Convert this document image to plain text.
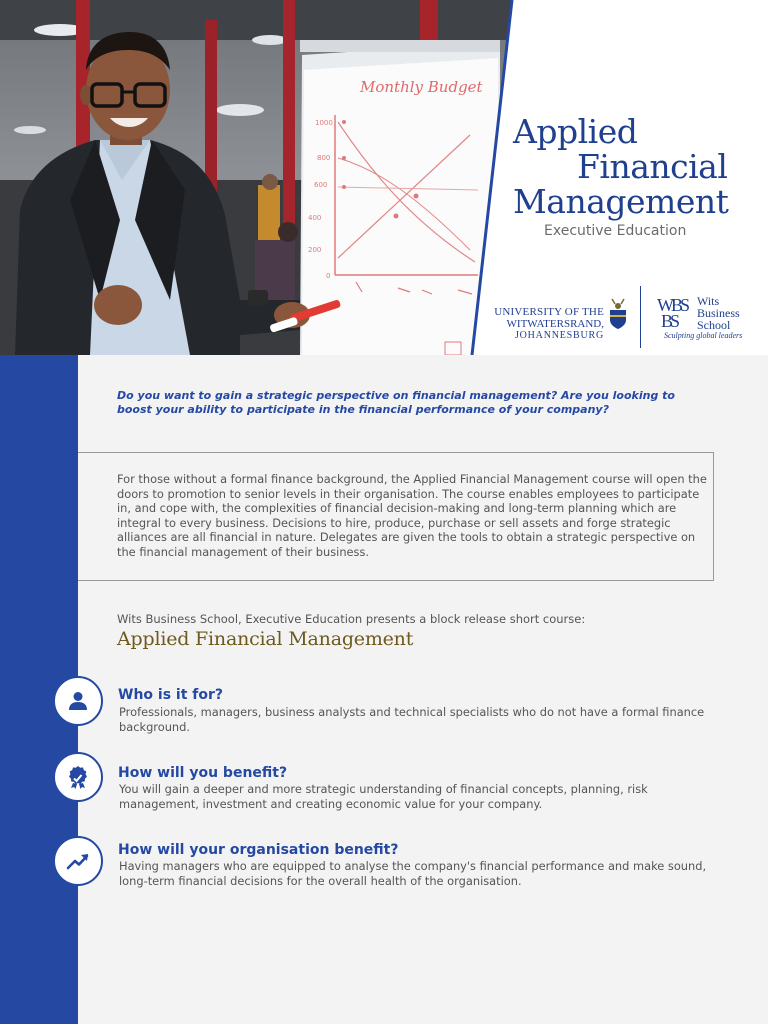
Monthly Budget
1000
800
600
400
200
0
Applied
Financial
Management
Executive Education
UNIVERSITY OF THE
WITWATERSRAND,
JOHANNESBURG
WBS
BS
Wits
Business
School
Sculpting global leaders
Do you want to gain a strategic perspective on financial management? Are you looking to boost your ability to participate in the financial performance of your company?
For those without a formal finance background, the Applied Financial Management course will open the doors to promotion to senior levels in their organisation. The course enables employees to participate in, and cope with, the complexities of financial decision-making and long-term planning which are integral to every business. Decisions to hire, produce, purchase or sell assets and forge strategic alliances are all financial in nature. Delegates are given the tools to obtain a strategic perspective on the financial management of their business.
Wits Business School, Executive Education presents a block release short course:
Applied Financial Management
Who is it for?
Professionals, managers, business analysts and technical specialists who do not have a formal finance background.
How will you benefit?
You will gain a deeper and more strategic understanding of financial concepts, planning, risk management, investment and creating economic value for your company.
How will your organisation benefit?
Having managers who are equipped to analyse the company's financial performance and make sound, long-term financial decisions for the overall health of the organisation.
